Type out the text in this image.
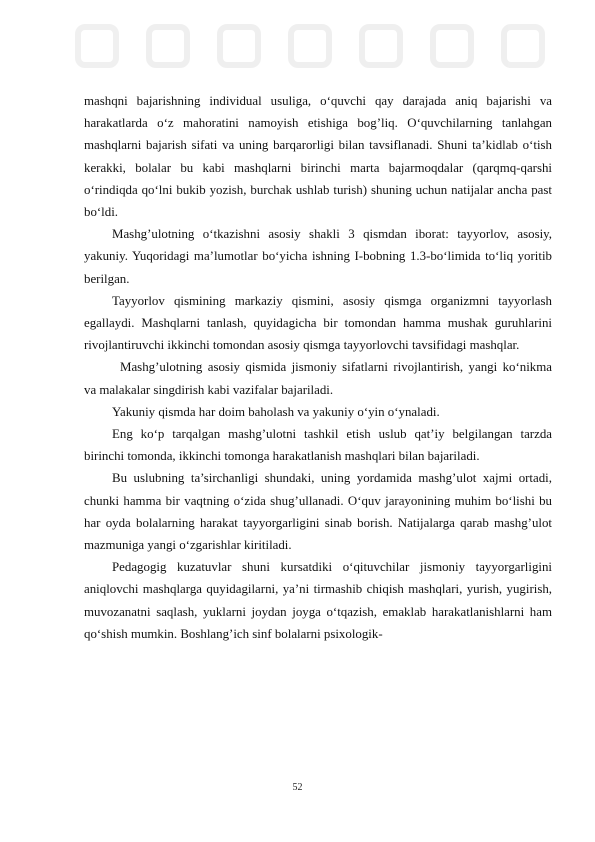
mashqni bajarishning individual usuliga, o‘quvchi qay darajada aniq bajarishi va harakatlarda o‘z mahoratini namoyish etishiga bog’liq. O‘quvchilarning tanlahgan mashqlarni bajarish sifati va uning barqarorligi bilan tavsiflanadi. Shuni ta’kidlab o‘tish kerakki, bolalar bu kabi mashqlarni birinchi marta bajarmoqdalar (qarqmq-qarshi o‘rindiqda qo‘lni bukib yozish, burchak ushlab turish) shuning uchun natijalar ancha past bo‘ldi.

Mashg’ulotning o‘tkazishni asosiy shakli 3 qismdan iborat: tayyorlov, asosiy, yakuniy. Yuqoridagi ma’lumotlar bo‘yicha ishning I-bobning 1.3-bo‘limida to‘liq yoritib berilgan.

Tayyorlov qismining markaziy qismini, asosiy qismga organizmni tayyorlash egallaydi. Mashqlarni tanlash, quyidagicha bir tomondan hamma mushak guruhlarini rivojlantiruvchi ikkinchi tomondan asosiy qismga tayyorlovchi tavsifidagi mashqlar.

Mashg’ulotning asosiy qismida jismoniy sifatlarni rivojlantirish, yangi ko‘nikma va malakalar singdirish kabi vazifalar bajariladi.

Yakuniy qismda har doim baholash va yakuniy o‘yin o‘ynaladi.

Eng ko‘p tarqalgan mashg’ulotni tashkil etish uslub qat’iy belgilangan tarzda birinchi tomonda, ikkinchi tomonga harakatlanish mashqlari bilan bajariladi.

Bu uslubning ta’sirchanligi shundaki, uning yordamida mashg’ulot xajmi ortadi, chunki hamma bir vaqtning o‘zida shug’ullanadi. O‘quv jarayonining muhim bo‘lishi bu har oyda bolalarning harakat tayyorgarligini sinab borish. Natijalarga qarab mashg’ulot mazmuniga yangi o‘zgarishlar kiritiladi.

Pedagogig kuzatuvlar shuni kursatdiki o‘qituvchilar jismoniy tayyorgarligini aniqlovchi mashqlarga quyidagilarni, ya’ni tirmashib chiqish mashqlari, yurish, yugirish, muvozanatni saqlash, yuklarni joydan joyga o‘tqazish, emaklab harakatlanishlarni ham qo‘shish mumkin. Boshlang’ich sinf bolalarni psixologik-

52
